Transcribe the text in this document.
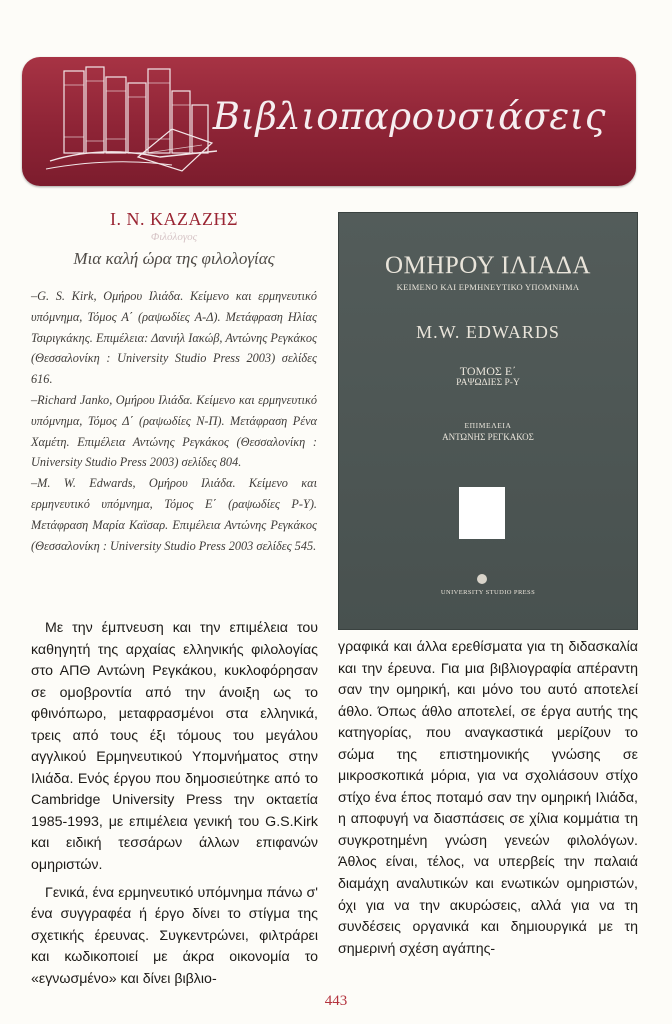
Βιβλιοπαρουσιάσεις
Ι. Ν. ΚΑΖΑΖΗΣ
Φιλόλογος
Μια καλή ώρα της φιλολογίας

–G. S. Kirk, Ομήρου Ιλιάδα. Κείμενο και ερμηνευτικό υπόμνημα, Τόμος Α΄ (ραψωδίες Α-Δ). Μετάφραση Ηλίας Τσιριγκάκης. Επιμέλεια: Δανιήλ Ιακώβ, Αντώνης Ρεγκάκος (Θεσσαλονίκη : University Studio Press 2003) σελίδες 616.

–Richard Janko, Ομήρου Ιλιάδα. Κείμενο και ερμηνευτικό υπόμνημα, Τόμος Δ΄ (ραψωδίες Ν-Π). Μετάφραση Ρένα Χαμέτη. Επιμέλεια Αντώνης Ρεγκάκος (Θεσσαλονίκη : University Studio Press 2003) σελίδες 804.

–M. W. Edwards, Ομήρου Ιλιάδα. Κείμενο και ερμηνευτικό υπόμνημα, Τόμος Ε΄ (ραψωδίες Ρ-Υ). Μετάφραση Μαρία Καϊσαρ. Επιμέλεια Αντώνης Ρεγκάκος (Θεσσαλονίκη : University Studio Press 2003 σελίδες 545.

ΟΜΗΡΟΥ ΙΛΙΑΔΑ
ΚΕΙΜΕΝΟ ΚΑΙ ΕΡΜΗΝΕΥΤΙΚΟ ΥΠΟΜΝΗΜΑ
M.W. EDWARDS
ΤΟΜΟΣ Ε΄
ΡΑΨΩΔΙΕΣ Ρ-Υ
ΕΠΙΜΕΛΕΙΑ
ΑΝΤΩΝΗΣ ΡΕΓΚΑΚΟΣ
UNIVERSITY STUDIO PRESS

Με την έμπνευση και την επιμέλεια του καθηγητή της αρχαίας ελληνικής φιλολογίας στο ΑΠΘ Αντώνη Ρεγκάκου, κυκλοφόρησαν σε ομοβροντία από την άνοιξη ως το φθινόπωρο, μεταφρασμένοι στα ελληνικά, τρεις από τους έξι τόμους του μεγάλου αγγλικού Ερμηνευτικού Υπομνήματος στην Ιλιάδα. Ενός έργου που δημοσιεύτηκε από το Cambridge University Press την οκταετία 1985-1993, με επιμέλεια γενική του G.S.Kirk και ειδική τεσσάρων άλλων επιφανών ομηριστών.

Γενικά, ένα ερμηνευτικό υπόμνημα πάνω σ' ένα συγγραφέα ή έργο δίνει το στίγμα της σχετικής έρευνας. Συγκεντρώνει, φιλτράρει και κωδικοποιεί με άκρα οικονομία το «εγνωσμένο» και δίνει βιβλιο-

γραφικά και άλλα ερεθίσματα για τη διδασκαλία και την έρευνα. Για μια βιβλιογραφία απέραντη σαν την ομηρική, και μόνο του αυτό αποτελεί άθλο. Όπως άθλο αποτελεί, σε έργα αυτής της κατηγορίας, που αναγκαστικά μερίζουν το σώμα της επιστημονικής γνώσης σε μικροσκοπικά μόρια, για να σχολιάσουν στίχο στίχο ένα έπος ποταμό σαν την ομηρική Ιλιάδα, η αποφυγή να διασπάσεις σε χίλια κομμάτια τη συγκροτημένη γνώση γενεών φιλολόγων. Άθλος είναι, τέλος, να υπερβείς την παλαιά διαμάχη αναλυτικών και ενωτικών ομηριστών, όχι για να την ακυρώσεις, αλλά για να τη συνδέσεις οργανικά και δημιουργικά με τη σημερινή σχέση αγάπης-

443
